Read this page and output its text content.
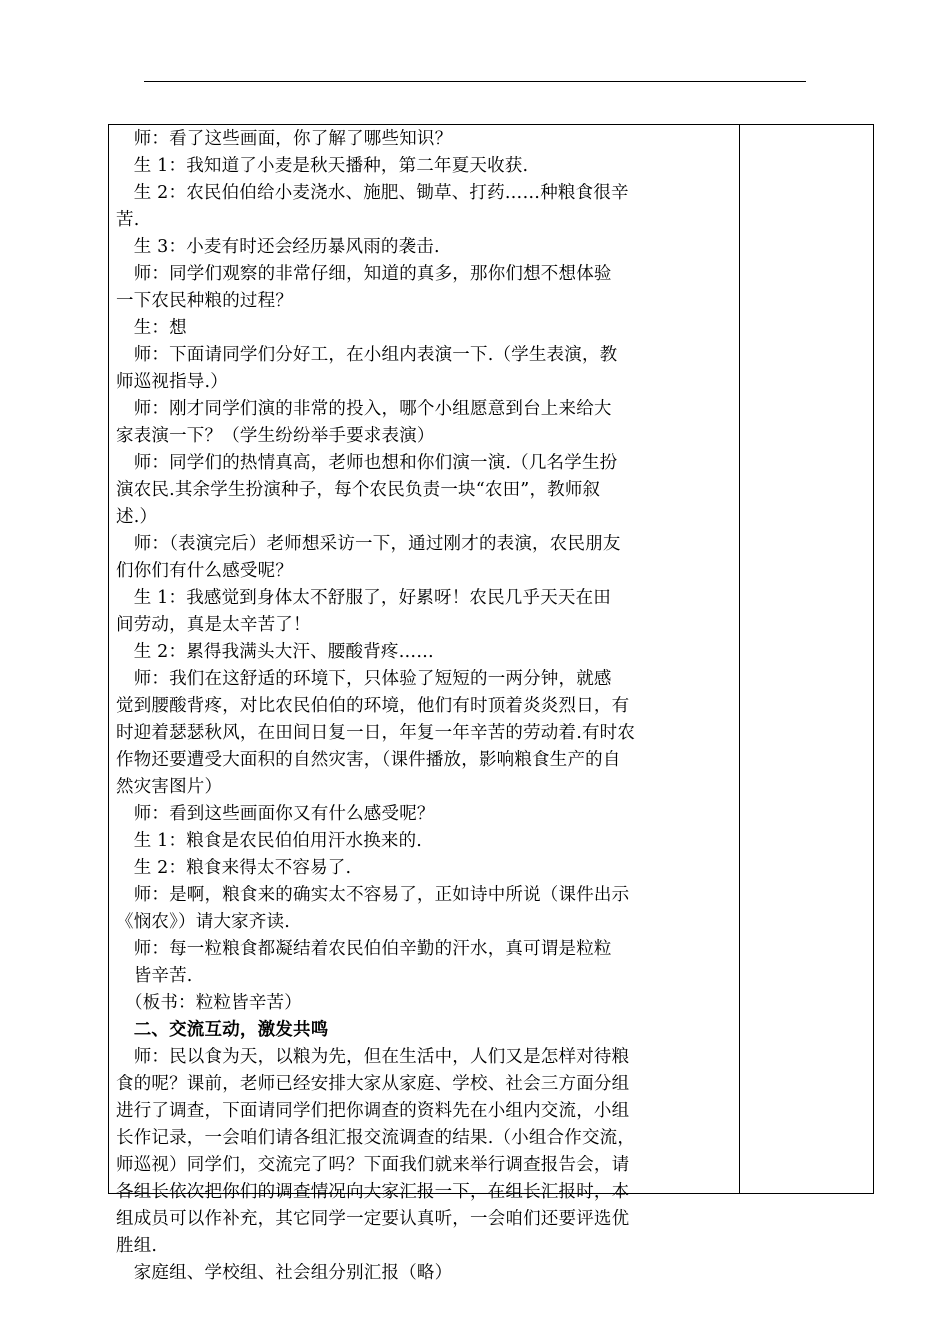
　师：看了这些画面，你了解了哪些知识？
　生 1：我知道了小麦是秋天播种，第二年夏天收获.
　生 2：农民伯伯给小麦浇水、施肥、锄草、打药……种粮食很辛
苦.
　生 3：小麦有时还会经历暴风雨的袭击.
　师：同学们观察的非常仔细，知道的真多，那你们想不想体验
一下农民种粮的过程？
　生：想
　师：下面请同学们分好工，在小组内表演一下.（学生表演，教
师巡视指导.）
　师：刚才同学们演的非常的投入，哪个小组愿意到台上来给大
家表演一下？（学生纷纷举手要求表演）
　师：同学们的热情真高，老师也想和你们演一演.（几名学生扮
演农民.其余学生扮演种子，每个农民负责一块“农田”，教师叙
述.）
　师：（表演完后）老师想采访一下，通过刚才的表演，农民朋友
们你们有什么感受呢？
　生 1：我感觉到身体太不舒服了，好累呀！农民几乎天天在田
间劳动，真是太辛苦了！
　生 2：累得我满头大汗、腰酸背疼……
　师：我们在这舒适的环境下，只体验了短短的一两分钟，就感
觉到腰酸背疼，对比农民伯伯的环境，他们有时顶着炎炎烈日，有
时迎着瑟瑟秋风，在田间日复一日，年复一年辛苦的劳动着.有时农
作物还要遭受大面积的自然灾害，（课件播放，影响粮食生产的自
然灾害图片）
　师：看到这些画面你又有什么感受呢？
　生 1：粮食是农民伯伯用汗水换来的.
　生 2：粮食来得太不容易了.
　师：是啊，粮食来的确实太不容易了，正如诗中所说（课件出示
《悯农》）请大家齐读.
　师：每一粒粮食都凝结着农民伯伯辛勤的汗水，真可谓是粒粒
　皆辛苦.
　（板书：粒粒皆辛苦）
　二、交流互动，激发共鸣
　师：民以食为天，以粮为先，但在生活中，人们又是怎样对待粮
食的呢？课前，老师已经安排大家从家庭、学校、社会三方面分组
进行了调查，下面请同学们把你调查的资料先在小组内交流，小组
长作记录，一会咱们请各组汇报交流调查的结果.（小组合作交流，
师巡视）同学们，交流完了吗？下面我们就来举行调查报告会，请
各组长依次把你们的调查情况向大家汇报一下，在组长汇报时，本
组成员可以作补充，其它同学一定要认真听，一会咱们还要评选优
胜组.
　家庭组、学校组、社会组分别汇报（略）
